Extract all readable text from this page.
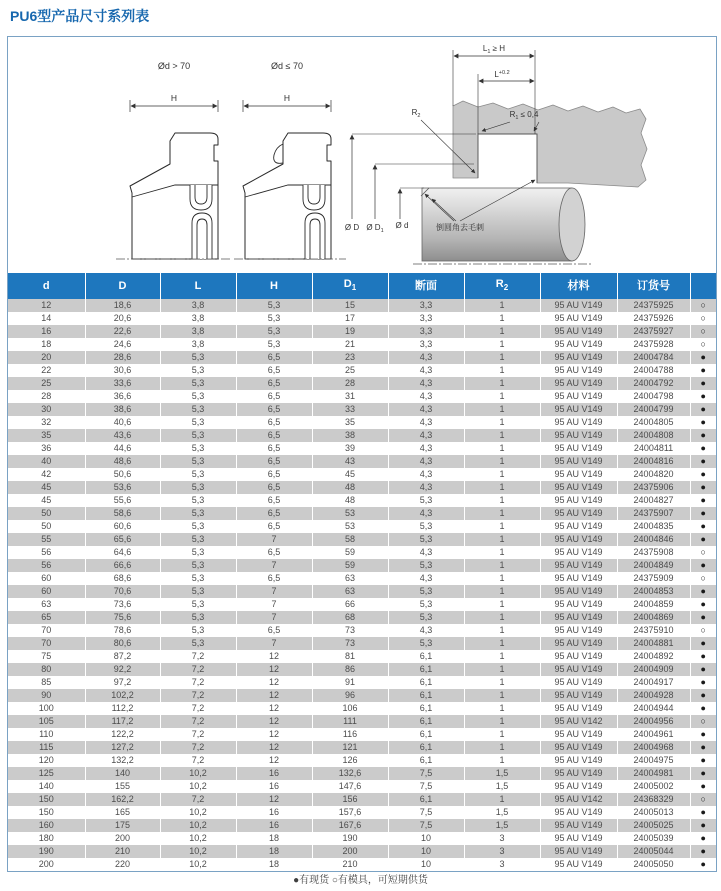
PU6型产品尺寸系列表
Ød > 70
H
Ød ≤ 70
H
$L_1 \ge H$
$L^{+0.2}$
$R_2$	$R_1 \le 0,4$
Ø D Ø $D_1$
Ø d	倒圆角去毛刺
d	D	L	H	$D_1$	断面	$R_2$	材料	订货号	
12	18,6	3,8	5,3	15	3,3	1	95 AU V149	24375925	○
14	20,6	3,8	5,3	17	3,3	1	95 AU V149	24375926	○
16	22,6	3,8	5,3	19	3,3	1	95 AU V149	24375927	○
18	24,6	3,8	5,3	21	3,3	1	95 AU V149	24375928	○
20	28,6	5,3	6,5	23	4,3	1	95 AU V149	24004784	●
22	30,6	5,3	6,5	25	4,3	1	95 AU V149	24004788	●
25	33,6	5,3	6,5	28	4,3	1	95 AU V149	24004792	●
28	36,6	5,3	6,5	31	4,3	1	95 AU V149	24004798	●
30	38,6	5,3	6,5	33	4,3	1	95 AU V149	24004799	●
32	40,6	5,3	6,5	35	4,3	1	95 AU V149	24004805	●
35	43,6	5,3	6,5	38	4,3	1	95 AU V149	24004808	●
36	44,6	5,3	6,5	39	4,3	1	95 AU V149	24004811	●
40	48,6	5,3	6,5	43	4,3	1	95 AU V149	24004816	●
42	50,6	5,3	6,5	45	4,3	1	95 AU V149	24004820	●
45	53,6	5,3	6,5	48	4,3	1	95 AU V149	24375906	●
45	55,6	5,3	6,5	48	5,3	1	95 AU V149	24004827	●
50	58,6	5,3	6,5	53	4,3	1	95 AU V149	24375907	●
50	60,6	5,3	6,5	53	5,3	1	95 AU V149	24004835	●
55	65,6	5,3	7	58	5,3	1	95 AU V149	24004846	●
56	64,6	5,3	6,5	59	4,3	1	95 AU V149	24375908	○
56	66,6	5,3	7	59	5,3	1	95 AU V149	24004849	●
60	68,6	5,3	6,5	63	4,3	1	95 AU V149	24375909	○
60	70,6	5,3	7	63	5,3	1	95 AU V149	24004853	●
63	73,6	5,3	7	66	5,3	1	95 AU V149	24004859	●
65	75,6	5,3	7	68	5,3	1	95 AU V149	24004869	●
70	78,6	5,3	6,5	73	4,3	1	95 AU V149	24375910	○
70	80,6	5,3	7	73	5,3	1	95 AU V149	24004881	●
75	87,2	7,2	12	81	6,1	1	95 AU V149	24004892	●
80	92,2	7,2	12	86	6,1	1	95 AU V149	24004909	●
85	97,2	7,2	12	91	6,1	1	95 AU V149	24004917	●
90	102,2	7,2	12	96	6,1	1	95 AU V149	24004928	●
100	112,2	7,2	12	106	6,1	1	95 AU V149	24004944	●
105	117,2	7,2	12	111	6,1	1	95 AU V142	24004956	○
110	122,2	7,2	12	116	6,1	1	95 AU V149	24004961	●
115	127,2	7,2	12	121	6,1	1	95 AU V149	24004968	●
120	132,2	7,2	12	126	6,1	1	95 AU V149	24004975	●
125	140	10,2	16	132,6	7,5	1,5	95 AU V149	24004981	●
140	155	10,2	16	147,6	7,5	1,5	95 AU V149	24005002	●
150	162,2	7,2	12	156	6,1	1	95 AU V142	24368329	○
150	165	10,2	16	157,6	7,5	1,5	95 AU V149	24005013	●
160	175	10,2	16	167,6	7,5	1,5	95 AU V149	24005025	●
180	200	10,2	18	190	10	3	95 AU V149	24005039	●
190	210	10,2	18	200	10	3	95 AU V149	24005044	●
200	220	10,2	18	210	10	3	95 AU V149	24005050	●
●有现货 ○有模具，可短期供货
